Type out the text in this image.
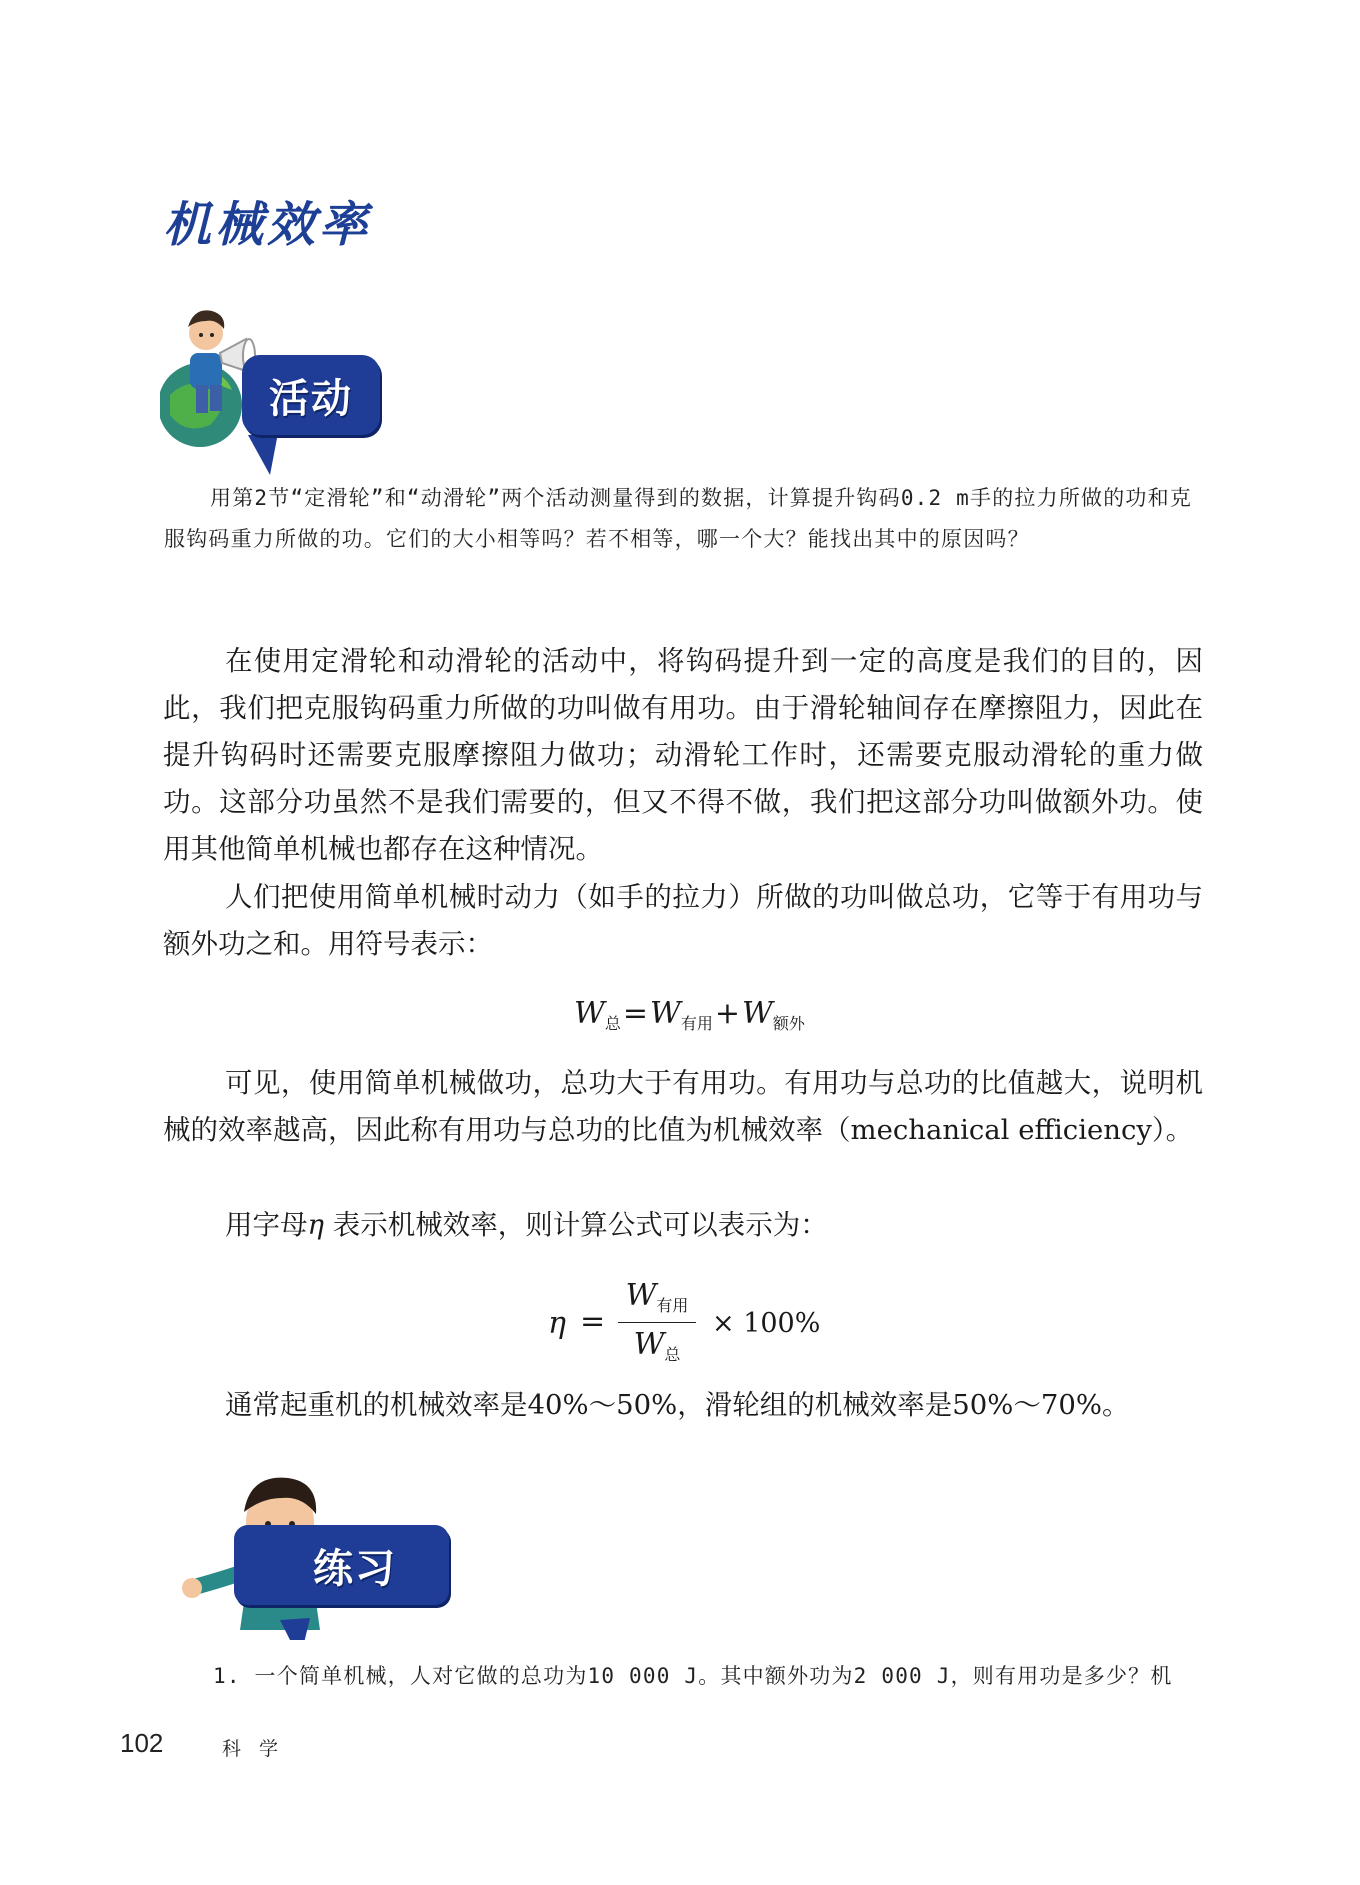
机械效率
活动

用第2节“定滑轮”和“动滑轮”两个活动测量得到的数据，计算提升钩码0.2 m手的拉力所做的功和克服钩码重力所做的功。它们的大小相等吗？若不相等，哪一个大？能找出其中的原因吗？

在使用定滑轮和动滑轮的活动中，将钩码提升到一定的高度是我们的目的，因此，我们把克服钩码重力所做的功叫做有用功。由于滑轮轴间存在摩擦阻力，因此在提升钩码时还需要克服摩擦阻力做功；动滑轮工作时，还需要克服动滑轮的重力做功。这部分功虽然不是我们需要的，但又不得不做，我们把这部分功叫做额外功。使用其他简单机械也都存在这种情况。

人们把使用简单机械时动力（如手的拉力）所做的功叫做总功，它等于有用功与额外功之和。用符号表示：

$W_总=W_{有用}+W_{额外}$

可见，使用简单机械做功，总功大于有用功。有用功与总功的比值越大，说明机械的效率越高，因此称有用功与总功的比值为机械效率（mechanical efficiency）。

用字母η 表示机械效率，则计算公式可以表示为：

η =
$W_{有用}$
$W_总$
× 100%

通常起重机的机械效率是40%～50%，滑轮组的机械效率是50%～70%。

练习

1. 一个简单机械，人对它做的总功为10 000 J。其中额外功为2 000 J，则有用功是多少？机

102	科 学
